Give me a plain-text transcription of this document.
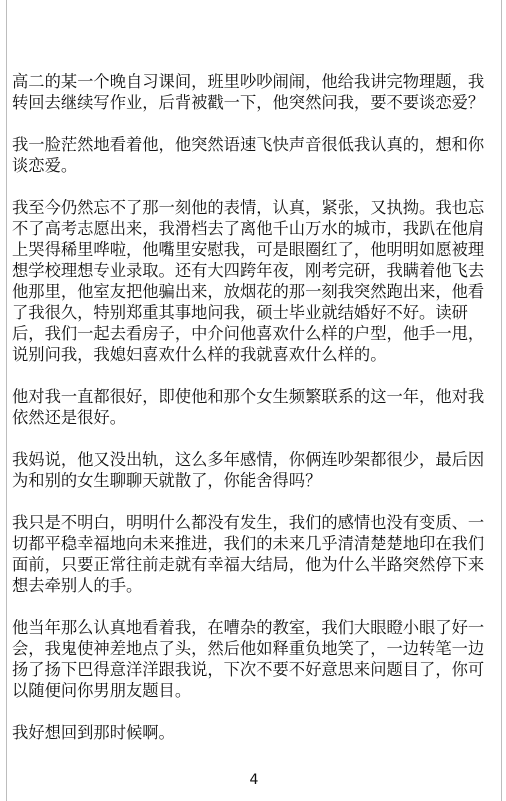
高二的某一个晚自习课间，班里吵吵闹闹，他给我讲完物理题，我转回去继续写作业，后背被戳一下，他突然问我，要不要谈恋爱？

我一脸茫然地看着他，他突然语速飞快声音很低我认真的，想和你谈恋爱。

我至今仍然忘不了那一刻他的表情，认真，紧张，又执拗。我也忘不了高考志愿出来，我滑档去了离他千山万水的城市，我趴在他肩上哭得稀里哗啦，他嘴里安慰我，可是眼圈红了，他明明如愿被理想学校理想专业录取。还有大四跨年夜，刚考完研，我瞒着他飞去他那里，他室友把他骗出来，放烟花的那一刻我突然跑出来，他看了我很久，特别郑重其事地问我，硕士毕业就结婚好不好。读研后，我们一起去看房子，中介问他喜欢什么样的户型，他手一甩，说别问我，我媳妇喜欢什么样的我就喜欢什么样的。

他对我一直都很好，即使他和那个女生频繁联系的这一年，他对我依然还是很好。

我妈说，他又没出轨，这么多年感情，你俩连吵架都很少，最后因为和别的女生聊聊天就散了，你能舍得吗？

我只是不明白，明明什么都没有发生，我们的感情也没有变质、一切都平稳幸福地向未来推进，我们的未来几乎清清楚楚地印在我们面前，只要正常往前走就有幸福大结局，他为什么半路突然停下来想去牵别人的手。

他当年那么认真地看着我，在嘈杂的教室，我们大眼瞪小眼了好一会，我鬼使神差地点了头，然后他如释重负地笑了，一边转笔一边扬了扬下巴得意洋洋跟我说，下次不要不好意思来问题目了，你可以随便问你男朋友题目。

我好想回到那时候啊。

4
